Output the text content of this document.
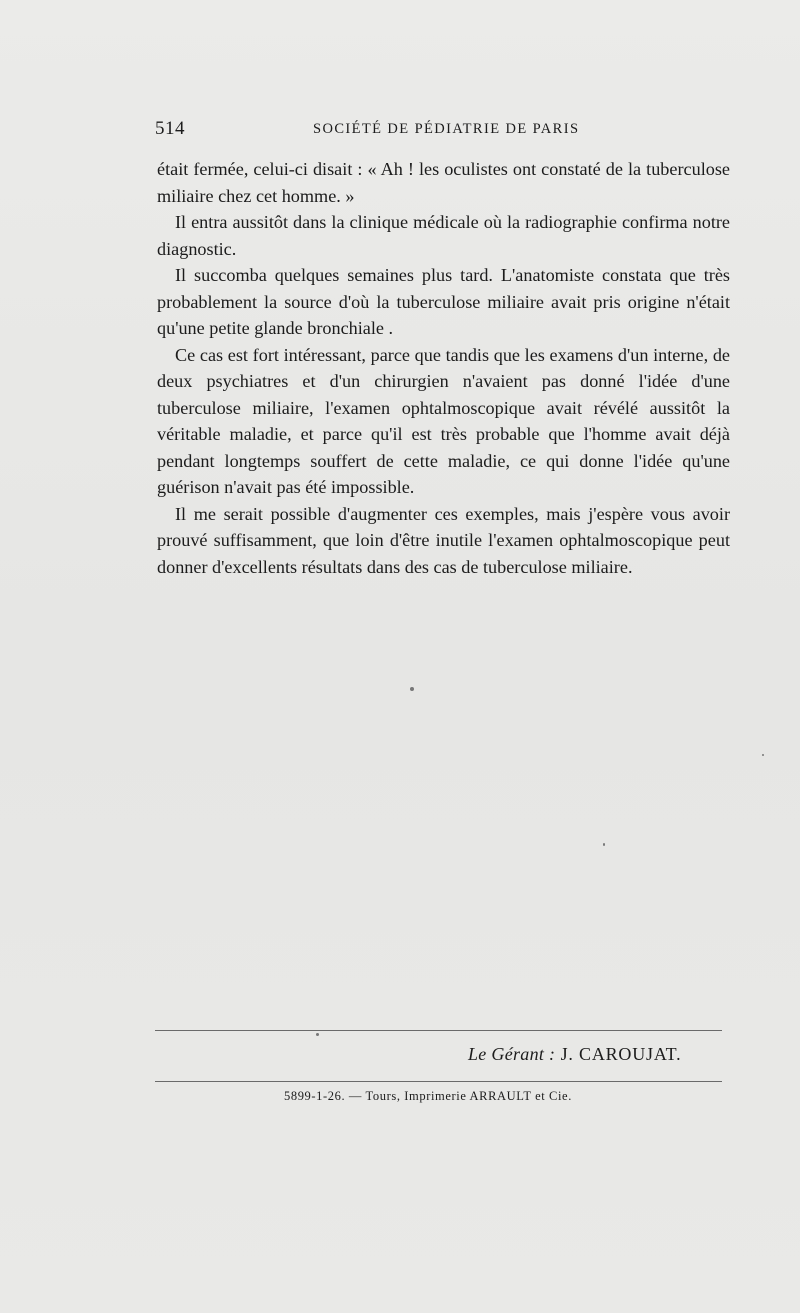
514	SOCIÉTÉ DE PÉDIATRIE DE PARIS

était fermée, celui-ci disait : « Ah ! les oculistes ont constaté de la tuberculose miliaire chez cet homme. »

Il entra aussitôt dans la clinique médicale où la radiographie confirma notre diagnostic.

Il succomba quelques semaines plus tard. L'anatomiste constata que très probablement la source d'où la tuberculose miliaire avait pris origine n'était qu'une petite glande bronchiale .

Ce cas est fort intéressant, parce que tandis que les examens d'un interne, de deux psychiatres et d'un chirurgien n'avaient pas donné l'idée d'une tuberculose miliaire, l'examen ophtalmoscopique avait révélé aussitôt la véritable maladie, et parce qu'il est très probable que l'homme avait déjà pendant longtemps souffert de cette maladie, ce qui donne l'idée qu'une guérison n'avait pas été impossible.

Il me serait possible d'augmenter ces exemples, mais j'espère vous avoir prouvé suffisamment, que loin d'être inutile l'examen ophtalmoscopique peut donner d'excellents résultats dans des cas de tuberculose miliaire.

Le Gérant : J. CAROUJAT.
5899-1-26. — Tours, Imprimerie ARRAULT et Cie.
